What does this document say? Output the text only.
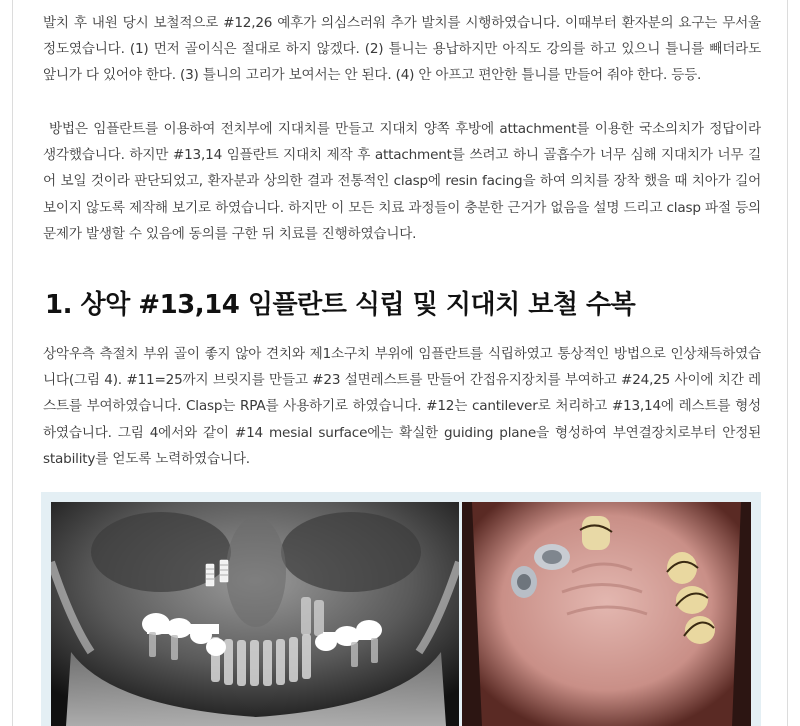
발치 후 내원 당시 보철적으로 #12,26 예후가 의심스러워 추가 발치를 시행하였습니다. 이때부터 환자분의 요구는 무서울 정도였습니다. (1) 먼저 골이식은 절대로 하지 않겠다. (2) 틀니는 용납하지만 아직도 강의를 하고 있으니 틀니를 빼더라도 앞니가 다 있어야 한다. (3) 틀니의 고리가 보여서는 안 된다. (4) 안 아프고 편안한 틀니를 만들어 줘야 한다. 등등.

방법은 임플란트를 이용하여 전치부에 지대치를 만들고 지대치 양쪽 후방에 attachment를 이용한 국소의치가 정답이라 생각했습니다. 하지만 #13,14 임플란트 지대치 제작 후 attachment를 쓰려고 하니 골흡수가 너무 심해 지대치가 너무 길어 보일 것이라 판단되었고, 환자분과 상의한 결과 전통적인 clasp에 resin facing을 하여 의치를 장착 했을 때 치아가 길어 보이지 않도록 제작해 보기로 하였습니다. 하지만 이 모든 치료 과정들이 충분한 근거가 없음을 설명 드리고 clasp 파절 등의 문제가 발생할 수 있음에 동의를 구한 뒤 치료를 진행하였습니다.

1. 상악 #13,14 임플란트 식립 및 지대치 보철 수복

상악우측 측절치 부위 골이 좋지 않아 견치와 제1소구치 부위에 임플란트를 식립하였고 통상적인 방법으로 인상채득하였습니다(그림 4). #11=25까지 브릿지를 만들고 #23 설면레스트를 만들어 간접유지장치를 부여하고 #24,25 사이에 치간 레스트를 부여하였습니다. Clasp는 RPA를 사용하기로 하였습니다. #12는 cantilever로 처리하고 #13,14에 레스트를 형성하였습니다. 그림 4에서와 같이 #14 mesial surface에는 확실한 guiding plane을 형성하여 부연결장치로부터 안정된 stability를 얻도록 노력하였습니다.
